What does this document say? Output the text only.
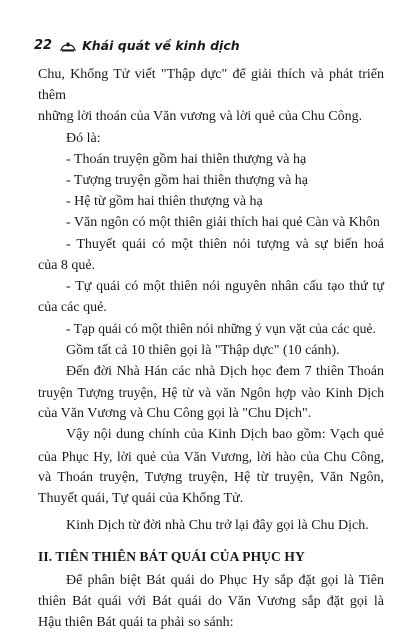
22 Khái quát về kinh dịch

Chu, Khổng Tử viết "Thập dực" để giải thích và phát triển thêm

những lời thoán của Văn vương và lời quẻ của Chu Công.

Đó là:

- Thoán truyện gồm hai thiên thượng và hạ

- Tượng truyện gồm hai thiên thượng và hạ

- Hệ từ gồm hai thiên thượng và hạ

- Văn ngôn có một thiên giải thích hai quẻ Càn và Khôn

- Thuyết quái có một thiên nói tượng và sự biến hoá

của 8 quẻ.

- Tự quái có một thiên nói nguyên nhân cấu tạo thứ tự

của các quẻ.

- Tạp quái có một thiên nói những ý vụn vặt của các quẻ.

Gồm tất cả 10 thiên gọi là "Thập dực" (10 cánh).

Đến đời Nhà Hán các nhà Dịch học đem 7 thiên Thoán

truyện Tượng truyện, Hệ từ và văn Ngôn hợp vào Kinh Dịch

của Văn Vương và Chu Công gọi là "Chu Dịch".

Vậy nội dung chính của Kinh Dịch bao gồm: Vạch quẻ

của Phục Hy, lời quẻ của Văn Vương, lời hào của Chu Công,

và Thoán truyện, Tượng truyện, Hệ từ truyện, Văn Ngôn,

Thuyết quái, Tự quái của Khổng Tử.

Kinh Dịch từ đời nhà Chu trở lại đây gọi là Chu Dịch.

II. TIÊN THIÊN BÁT QUÁI CỦA PHỤC HY

Để phân biệt Bát quái do Phục Hy sắp đặt gọi là Tiên

thiên Bát quái với Bát quái do Văn Vương sắp đặt gọi là

Hậu thiên Bát quái ta phải so sánh:
